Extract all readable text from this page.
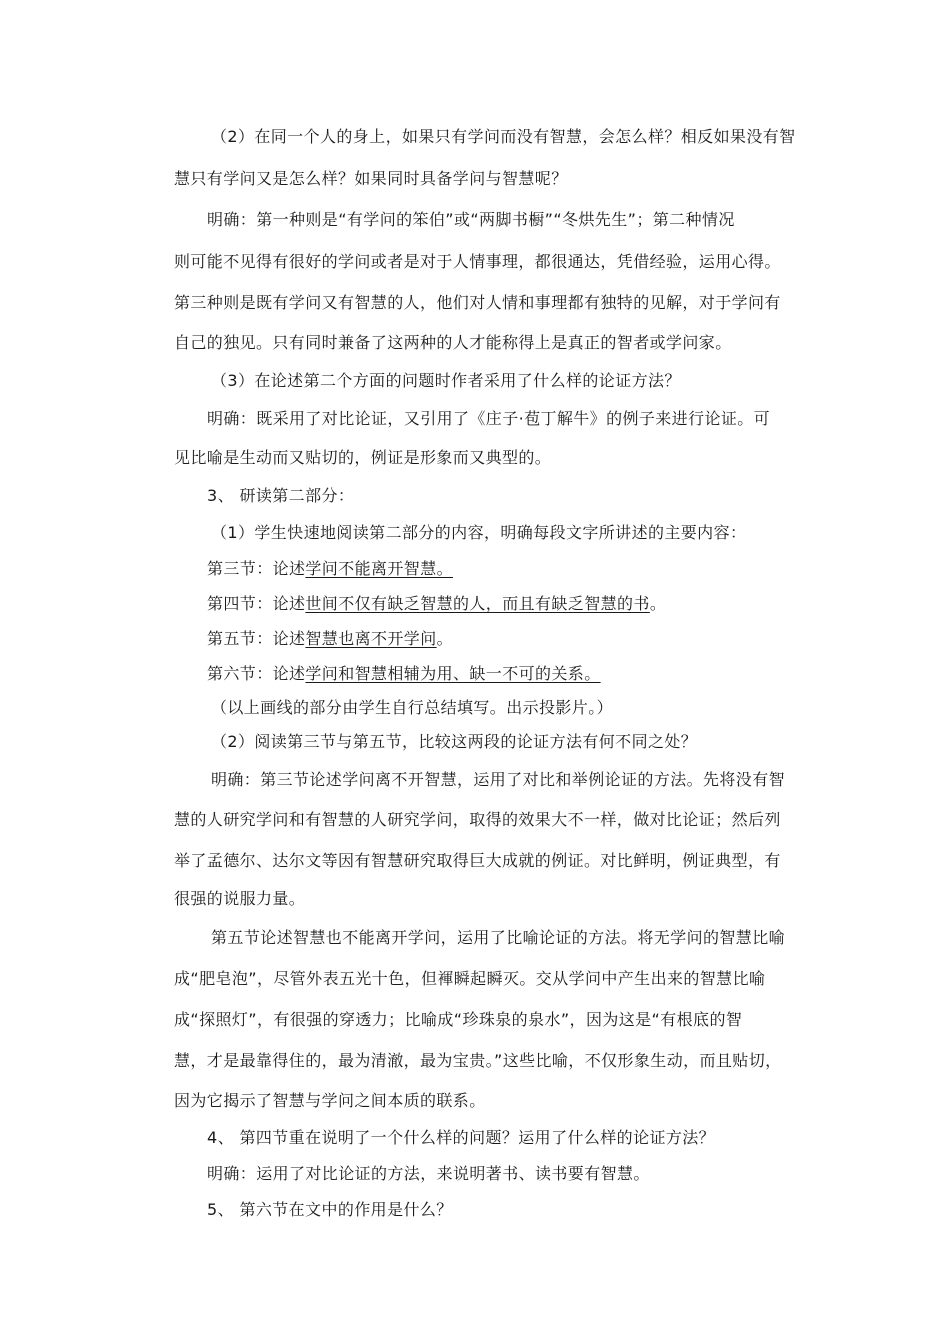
（2）在同一个人的身上，如果只有学问而没有智慧，会怎么样？相反如果没有智
慧只有学问又是怎么样？如果同时具备学问与智慧呢？
明确：第一种则是“有学问的笨伯”或“两脚书橱”“冬烘先生”；第二种情况
则可能不见得有很好的学问或者是对于人情事理，都很通达，凭借经验，运用心得。
第三种则是既有学问又有智慧的人，他们对人情和事理都有独特的见解，对于学问有
自己的独见。只有同时兼备了这两种的人才能称得上是真正的智者或学问家。
（3）在论述第二个方面的问题时作者采用了什么样的论证方法？
明确：既采用了对比论证，又引用了《庄子·苞丁解牛》的例子来进行论证。可
见比喻是生动而又贴切的，例证是形象而又典型的。
3、 研读第二部分：
（1）学生快速地阅读第二部分的内容，明确每段文字所讲述的主要内容：
第三节：论述学问不能离开智慧。
第四节：论述世间不仅有缺乏智慧的人，而且有缺乏智慧的书。
第五节：论述智慧也离不开学问。
第六节：论述学问和智慧相辅为用、缺一不可的关系。
（以上画线的部分由学生自行总结填写。出示投影片。）
（2）阅读第三节与第五节，比较这两段的论证方法有何不同之处？
明确：第三节论述学问离不开智慧，运用了对比和举例论证的方法。先将没有智
慧的人研究学问和有智慧的人研究学问，取得的效果大不一样，做对比论证；然后列
举了孟德尔、达尔文等因有智慧研究取得巨大成就的例证。对比鲜明，例证典型，有
很强的说服力量。
第五节论述智慧也不能离开学问，运用了比喻论证的方法。将无学问的智慧比喻
成“肥皂泡”，尽管外表五光十色，但褌瞬起瞬灭。交从学问中产生出来的智慧比喻
成“探照灯”，有很强的穿透力；比喻成“珍珠泉的泉水”，因为这是“有根底的智
慧，才是最靠得住的，最为清澈，最为宝贵。”这些比喻，不仅形象生动，而且贴切，
因为它揭示了智慧与学问之间本质的联系。
4、 第四节重在说明了一个什么样的问题？运用了什么样的论证方法？
明确：运用了对比论证的方法，来说明著书、读书要有智慧。
5、 第六节在文中的作用是什么？
